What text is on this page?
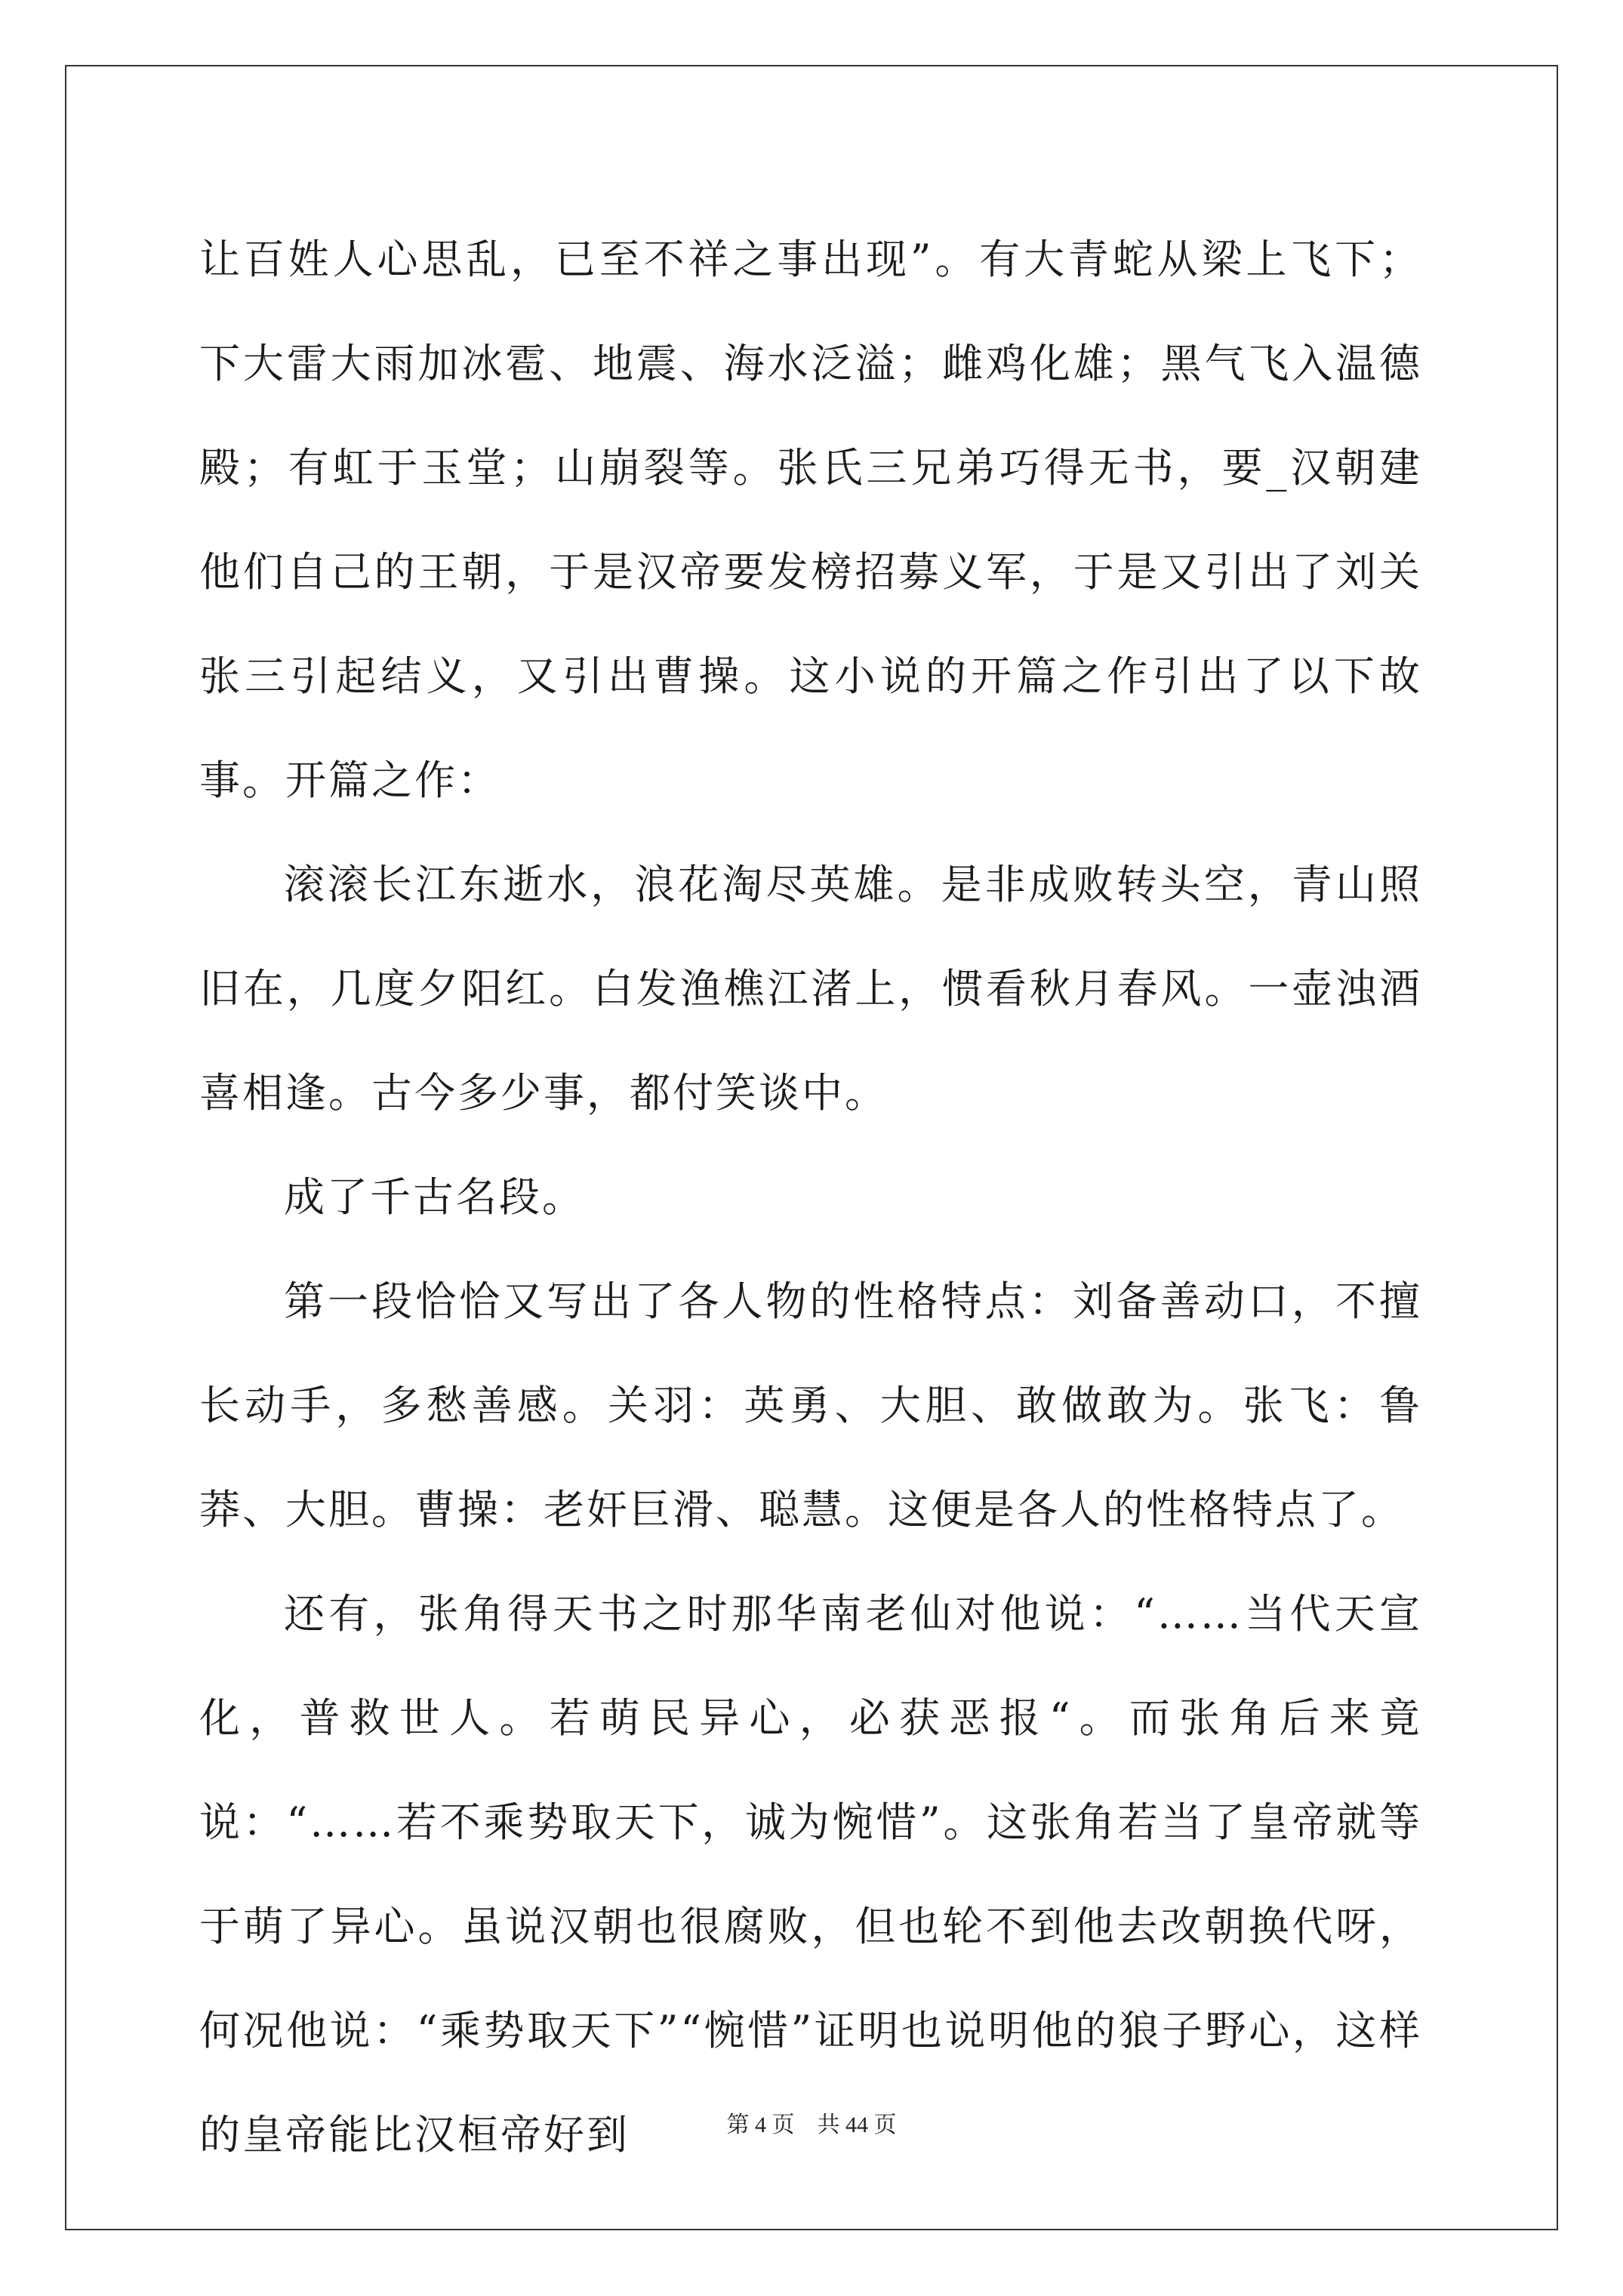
让百姓人心思乱，已至不祥之事出现”。有大青蛇从梁上飞下；下大雷大雨加冰雹、地震、海水泛溢；雌鸡化雄；黑气飞入温德殿；有虹于玉堂；山崩裂等。张氏三兄弟巧得无书，要_汉朝建他们自己的王朝，于是汉帝要发榜招募义军，于是又引出了刘关张三引起结义，又引出曹操。这小说的开篇之作引出了以下故事。开篇之作：

滚滚长江东逝水，浪花淘尽英雄。是非成败转头空，青山照旧在，几度夕阳红。白发渔樵江渚上，惯看秋月春风。一壶浊酒喜相逢。古今多少事，都付笑谈中。

成了千古名段。

第一段恰恰又写出了各人物的性格特点：刘备善动口，不擅长动手，多愁善感。关羽：英勇、大胆、敢做敢为。张飞：鲁莽、大胆。曹操：老奸巨滑、聪慧。这便是各人的性格特点了。

还有，张角得天书之时那华南老仙对他说：“……当代天宣化，普救世人。若萌民异心，必获恶报“。而张角后来竟说：“……若不乘势取天下，诚为惋惜”。这张角若当了皇帝就等于萌了异心。虽说汉朝也很腐败，但也轮不到他去改朝换代呀，何况他说：“乘势取天下”“惋惜”证明也说明他的狼子野心，这样的皇帝能比汉桓帝好到	第 4 页　共 44 页
